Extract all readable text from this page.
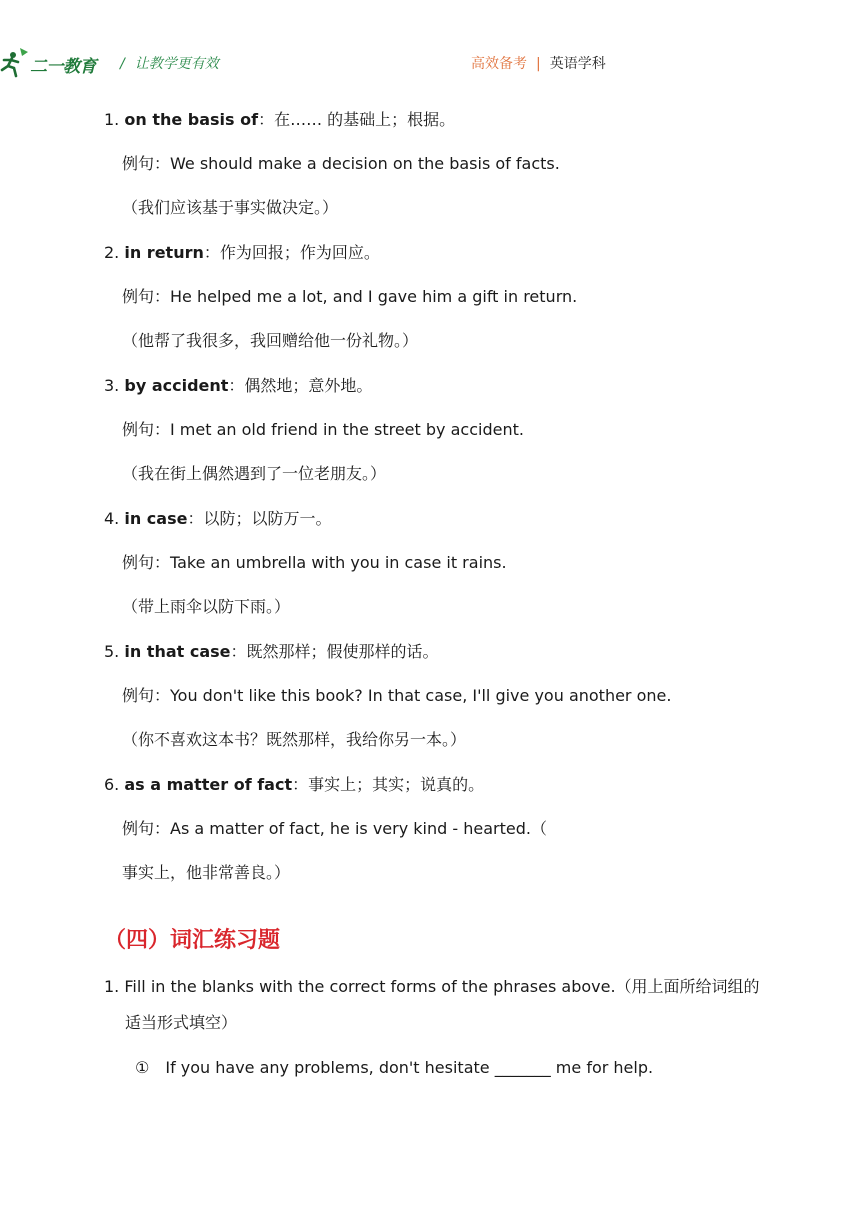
二一教育 / 让教学更有效	高效备考 | 英语学科
1. on the basis of：在…… 的基础上；根据。
例句：We should make a decision on the basis of facts.
（我们应该基于事实做决定。）
2. in return：作为回报；作为回应。
例句：He helped me a lot, and I gave him a gift in return.
（他帮了我很多，我回赠给他一份礼物。）
3. by accident：偶然地；意外地。
例句：I met an old friend in the street by accident.
（我在街上偶然遇到了一位老朋友。）
4. in case：以防；以防万一。
例句：Take an umbrella with you in case it rains.
（带上雨伞以防下雨。）
5. in that case：既然那样；假使那样的话。
例句：You don't like this book? In that case, I'll give you another one.
（你不喜欢这本书？既然那样，我给你另一本。）
6. as a matter of fact：事实上；其实；说真的。
例句：As a matter of fact, he is very kind - hearted.（
事实上，他非常善良。）
（四）词汇练习题
1. Fill in the blanks with the correct forms of the phrases above.（用上面所给词组的
适当形式填空）
① If you have any problems, don't hesitate _______ me for help.
